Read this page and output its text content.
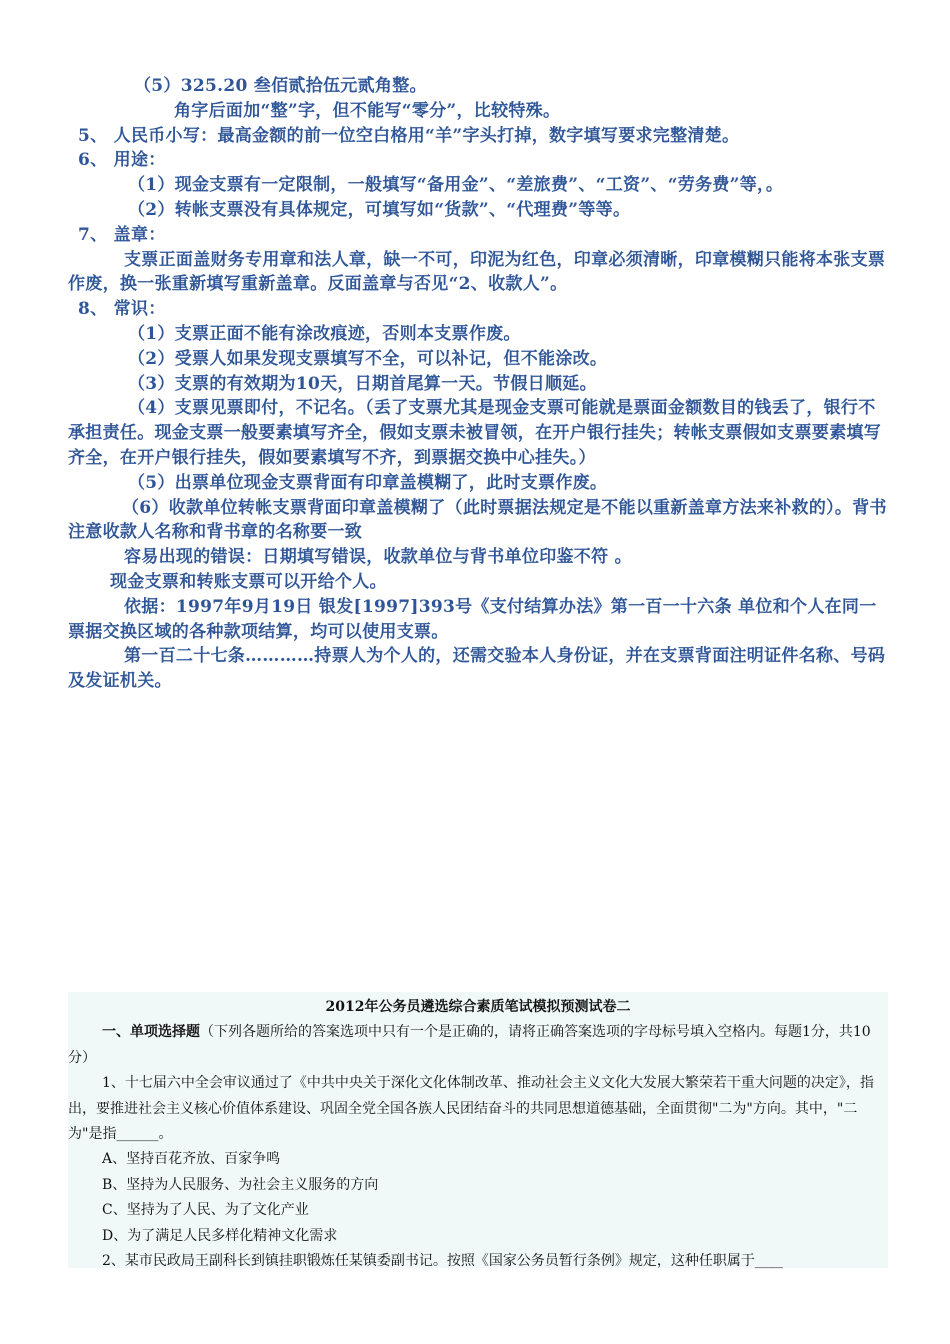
（5）325.20 叁佰贰拾伍元贰角整。

角字后面加“整”字，但不能写“零分”，比较特殊。

5、 人民币小写：最高金额的前一位空白格用“羊”字头打掉，数字填写要求完整清楚。

6、 用途：

（1）现金支票有一定限制，一般填写“备用金”、“差旅费”、“工资”、“劳务费”等，。

（2）转帐支票没有具体规定，可填写如“货款”、“代理费”等等。

7、 盖章：

支票正面盖财务专用章和法人章，缺一不可，印泥为红色，印章必须清晰，印章模糊只能将本张支票作废，换一张重新填写重新盖章。反面盖章与否见“2、收款人”。

8、 常识：

（1）支票正面不能有涂改痕迹，否则本支票作废。

（2）受票人如果发现支票填写不全，可以补记，但不能涂改。

（3）支票的有效期为10天，日期首尾算一天。节假日顺延。

（4）支票见票即付，不记名。（丢了支票尤其是现金支票可能就是票面金额数目的钱丢了，银行不承担责任。现金支票一般要素填写齐全，假如支票未被冒领，在开户银行挂失；转帐支票假如支票要素填写齐全，在开户银行挂失，假如要素填写不齐，到票据交换中心挂失。）

（5）出票单位现金支票背面有印章盖模糊了，此时支票作废。

（6）收款单位转帐支票背面印章盖模糊了（此时票据法规定是不能以重新盖章方法来补救的）。背书注意收款人名称和背书章的名称要一致

容易出现的错误：日期填写错误，收款单位与背书单位印鉴不符 。

现金支票和转账支票可以开给个人。

依据：1997年9月19日 银发[1997]393号《支付结算办法》第一百一十六条 单位和个人在同一票据交换区域的各种款项结算，均可以使用支票。

第一百二十七条…………持票人为个人的，还需交验本人身份证，并在支票背面注明证件名称、号码及发证机关。

2012年公务员遴选综合素质笔试模拟预测试卷二

一、单项选择题（下列各题所给的答案选项中只有一个是正确的，请将正确答案选项的字母标号填入空格内。每题1分，共10分）

1、十七届六中全会审议通过了《中共中央关于深化文化体制改革、推动社会主义文化大发展大繁荣若干重大问题的决定》，指出，要推进社会主义核心价值体系建设、巩固全党全国各族人民团结奋斗的共同思想道德基础，全面贯彻"二为"方向。其中，"二为"是指______。

A、坚持百花齐放、百家争鸣

B、坚持为人民服务、为社会主义服务的方向

C、坚持为了人民、为了文化产业

D、为了满足人民多样化精神文化需求

2、某市民政局王副科长到镇挂职锻炼任某镇委副书记。按照《国家公务员暂行条例》规定，这种任职属于____
